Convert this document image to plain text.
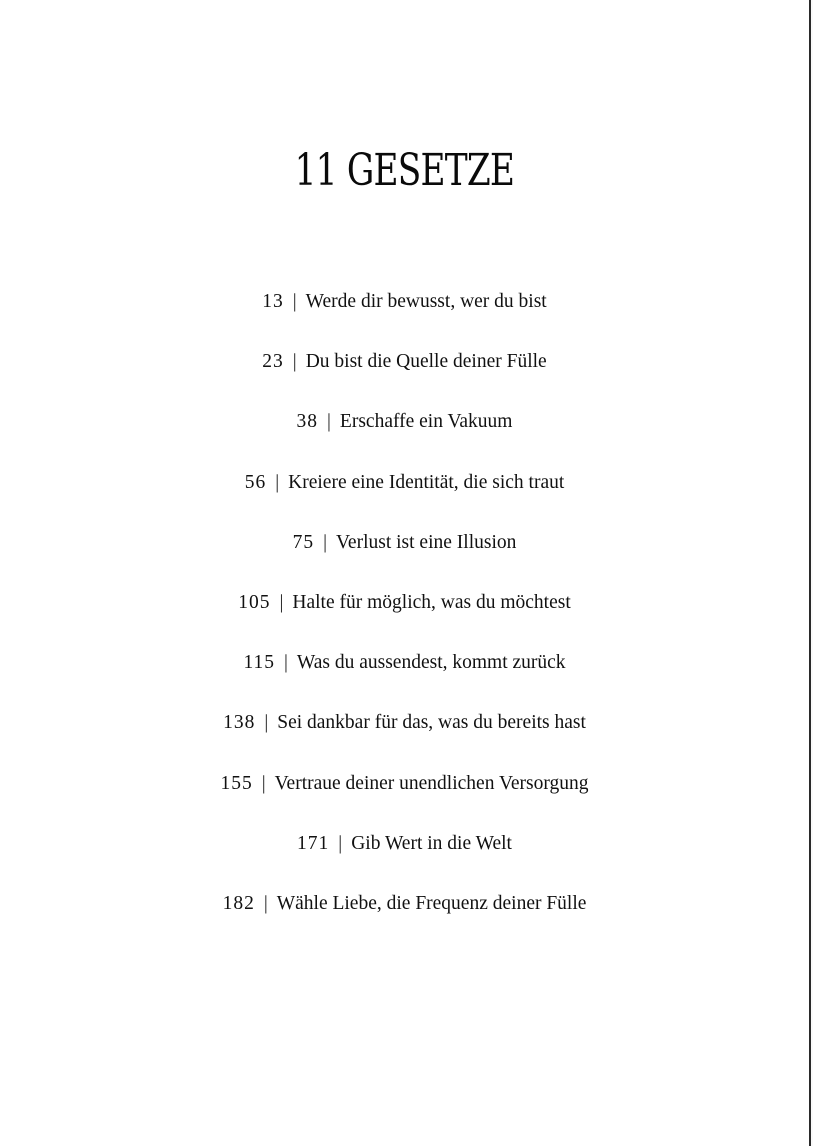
11 GESETZE
13 | Werde dir bewusst, wer du bist
23 | Du bist die Quelle deiner Fülle
38 | Erschaffe ein Vakuum
56 | Kreiere eine Identität, die sich traut
75 | Verlust ist eine Illusion
105 | Halte für möglich, was du möchtest
115 | Was du aussendest, kommt zurück
138 | Sei dankbar für das, was du bereits hast
155 | Vertraue deiner unendlichen Versorgung
171 | Gib Wert in die Welt
182 | Wähle Liebe, die Frequenz deiner Fülle
